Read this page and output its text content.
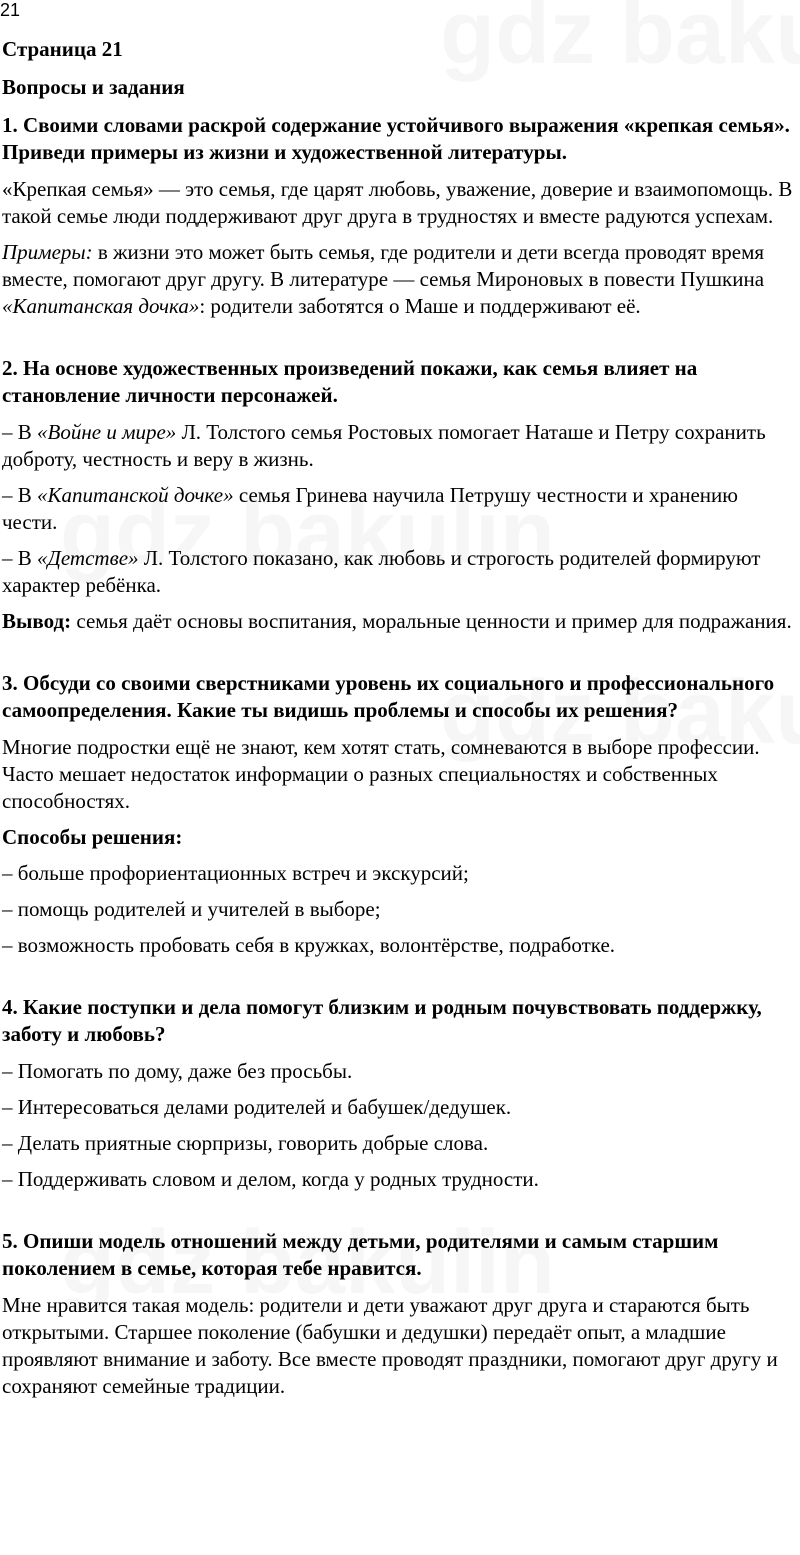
21

Страница 21

Вопросы и задания

1. Своими словами раскрой содержание устойчивого выражения «крепкая семья». Приведи примеры из жизни и художественной литературы.

«Крепкая семья» — это семья, где царят любовь, уважение, доверие и взаимопомощь. В такой семье люди поддерживают друг друга в трудностях и вместе радуются успехам.

Примеры: в жизни это может быть семья, где родители и дети всегда проводят время вместе, помогают друг другу. В литературе — семья Мироновых в повести Пушкина «Капитанская дочка»: родители заботятся о Маше и поддерживают её.

2. На основе художественных произведений покажи, как семья влияет на становление личности персонажей.

– В «Войне и мире» Л. Толстого семья Ростовых помогает Наташе и Петру сохранить доброту, честность и веру в жизнь.

– В «Капитанской дочке» семья Гринева научила Петрушу честности и хранению чести.

– В «Детстве» Л. Толстого показано, как любовь и строгость родителей формируют характер ребёнка.

Вывод: семья даёт основы воспитания, моральные ценности и пример для подражания.

3. Обсуди со своими сверстниками уровень их социального и профессионального самоопределения. Какие ты видишь проблемы и способы их решения?

Многие подростки ещё не знают, кем хотят стать, сомневаются в выборе профессии. Часто мешает недостаток информации о разных специальностях и собственных способностях.

Способы решения:

– больше профориентационных встреч и экскурсий;

– помощь родителей и учителей в выборе;

– возможность пробовать себя в кружках, волонтёрстве, подработке.

4. Какие поступки и дела помогут близким и родным почувствовать поддержку, заботу и любовь?

– Помогать по дому, даже без просьбы.

– Интересоваться делами родителей и бабушек/дедушек.

– Делать приятные сюрпризы, говорить добрые слова.

– Поддерживать словом и делом, когда у родных трудности.

5. Опиши модель отношений между детьми, родителями и самым старшим поколением в семье, которая тебе нравится.

Мне нравится такая модель: родители и дети уважают друг друга и стараются быть открытыми. Старшее поколение (бабушки и дедушки) передаёт опыт, а младшие проявляют внимание и заботу. Все вместе проводят праздники, помогают друг другу и сохраняют семейные традиции.
